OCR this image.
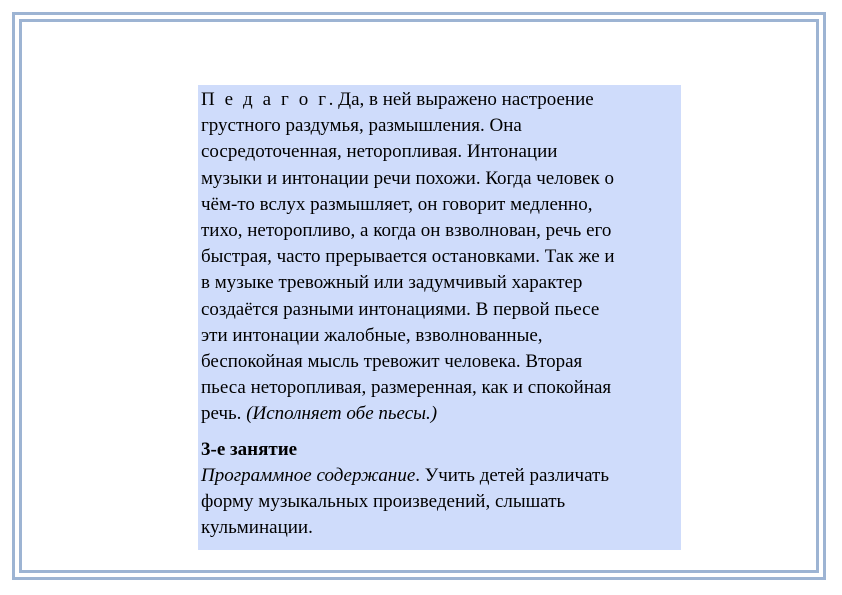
П е д а г о г. Да, в ней выражено настроение
грустного раздумья, размышления. Она
сосредоточенная, неторопливая. Интонации
музыки и интонации речи похожи. Когда человек о
чём-то вслух размышляет, он говорит медленно,
тихо, неторопливо, а когда он взволнован, речь его
быстрая, часто прерывается остановками. Так же и
в музыке тревожный или задумчивый характер
создаётся разными интонациями. В первой пьесе
эти интонации жалобные, взволнованные,
беспокойная мысль тревожит человека. Вторая
пьеса неторопливая, размеренная, как и спокойная
речь. (Исполняет обе пьесы.)
3-е занятие
Программное содержание. Учить детей различать
форму музыкальных произведений, слышать
кульминации.
